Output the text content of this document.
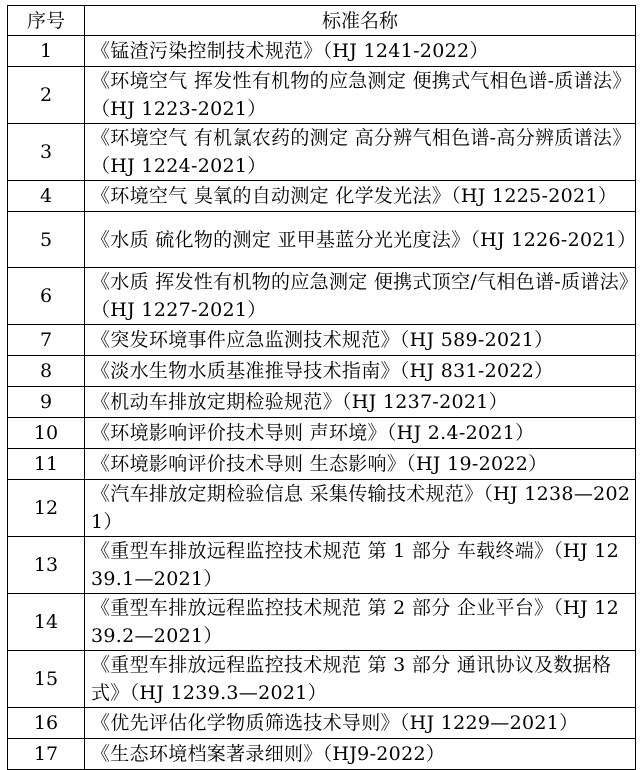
序号	标准名称
1	《锰渣污染控制技术规范》（HJ 1241-2022）
2	《环境空气 挥发性有机物的应急测定 便携式气相色谱-质谱法》（HJ 1223-2021）
3	《环境空气 有机氯农药的测定 高分辨气相色谱-高分辨质谱法》（HJ 1224-2021）
4	《环境空气 臭氧的自动测定 化学发光法》（HJ 1225-2021）
5	《水质 硫化物的测定 亚甲基蓝分光光度法》（HJ 1226-2021）
6	《水质 挥发性有机物的应急测定 便携式顶空/气相色谱-质谱法》（HJ 1227-2021）
7	《突发环境事件应急监测技术规范》（HJ 589-2021）
8	《淡水生物水质基准推导技术指南》（HJ 831-2022）
9	《机动车排放定期检验规范》（HJ 1237-2021）
10	《环境影响评价技术导则 声环境》（HJ 2.4-2021）
11	《环境影响评价技术导则 生态影响》（HJ 19-2022）
12	《汽车排放定期检验信息 采集传输技术规范》（HJ 1238—2021）
13	《重型车排放远程监控技术规范 第 1 部分 车载终端》（HJ 1239.1—2021）
14	《重型车排放远程监控技术规范 第 2 部分 企业平台》（HJ 1239.2—2021）
15	《重型车排放远程监控技术规范 第 3 部分 通讯协议及数据格式》（HJ 1239.3—2021）
16	《优先评估化学物质筛选技术导则》（HJ 1229—2021）
17	《生态环境档案著录细则》（HJ9-2022）
